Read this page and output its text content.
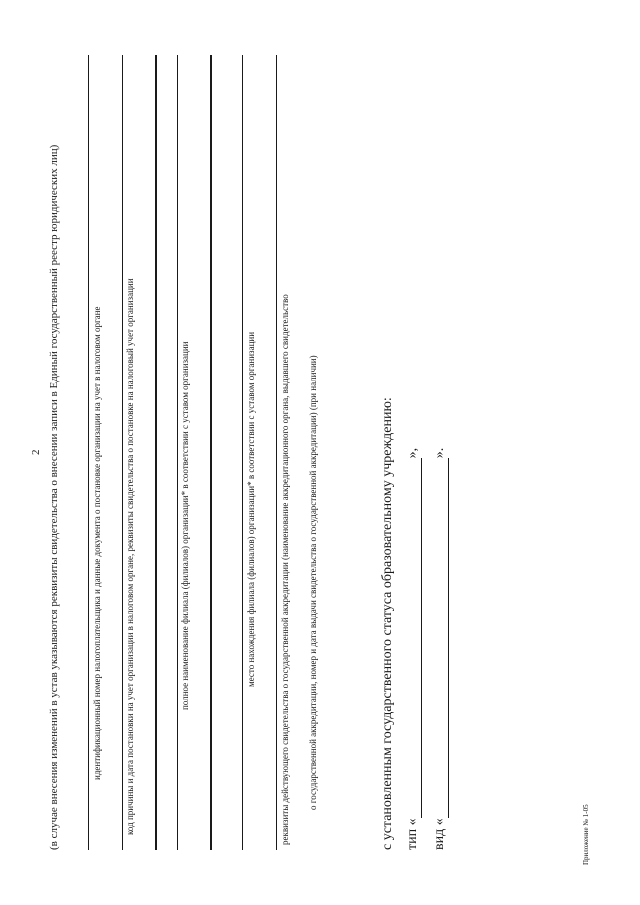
2 (в случае внесения изменений в устав указываются реквизиты свидетельства о внесении записи в Единый государственный реестр юридических лиц)	идентификационный номер налогоплательщика и данные документа о постановке организации на учет в налоговом органе	код причины и дата постановки на учет организации в налоговом органе, реквизиты свидетельства о постановке на налоговый учет организации	полное наименование филиала (филиалов) организации* в соответствии с уставом организации	место нахождения филиала (филиалов) организации* в соответствии с уставом организации	реквизиты действующего свидетельства о государственной аккредитации (наименование аккредитационного органа, выдавшего свидетельство о государственной аккредитации, номер и дата выдачи свидетельства о государственной аккредитации) (при наличии)	с установленным государственного статуса образовательному учреждению: тип « »,
вид « ».
Приложение № 1-05
